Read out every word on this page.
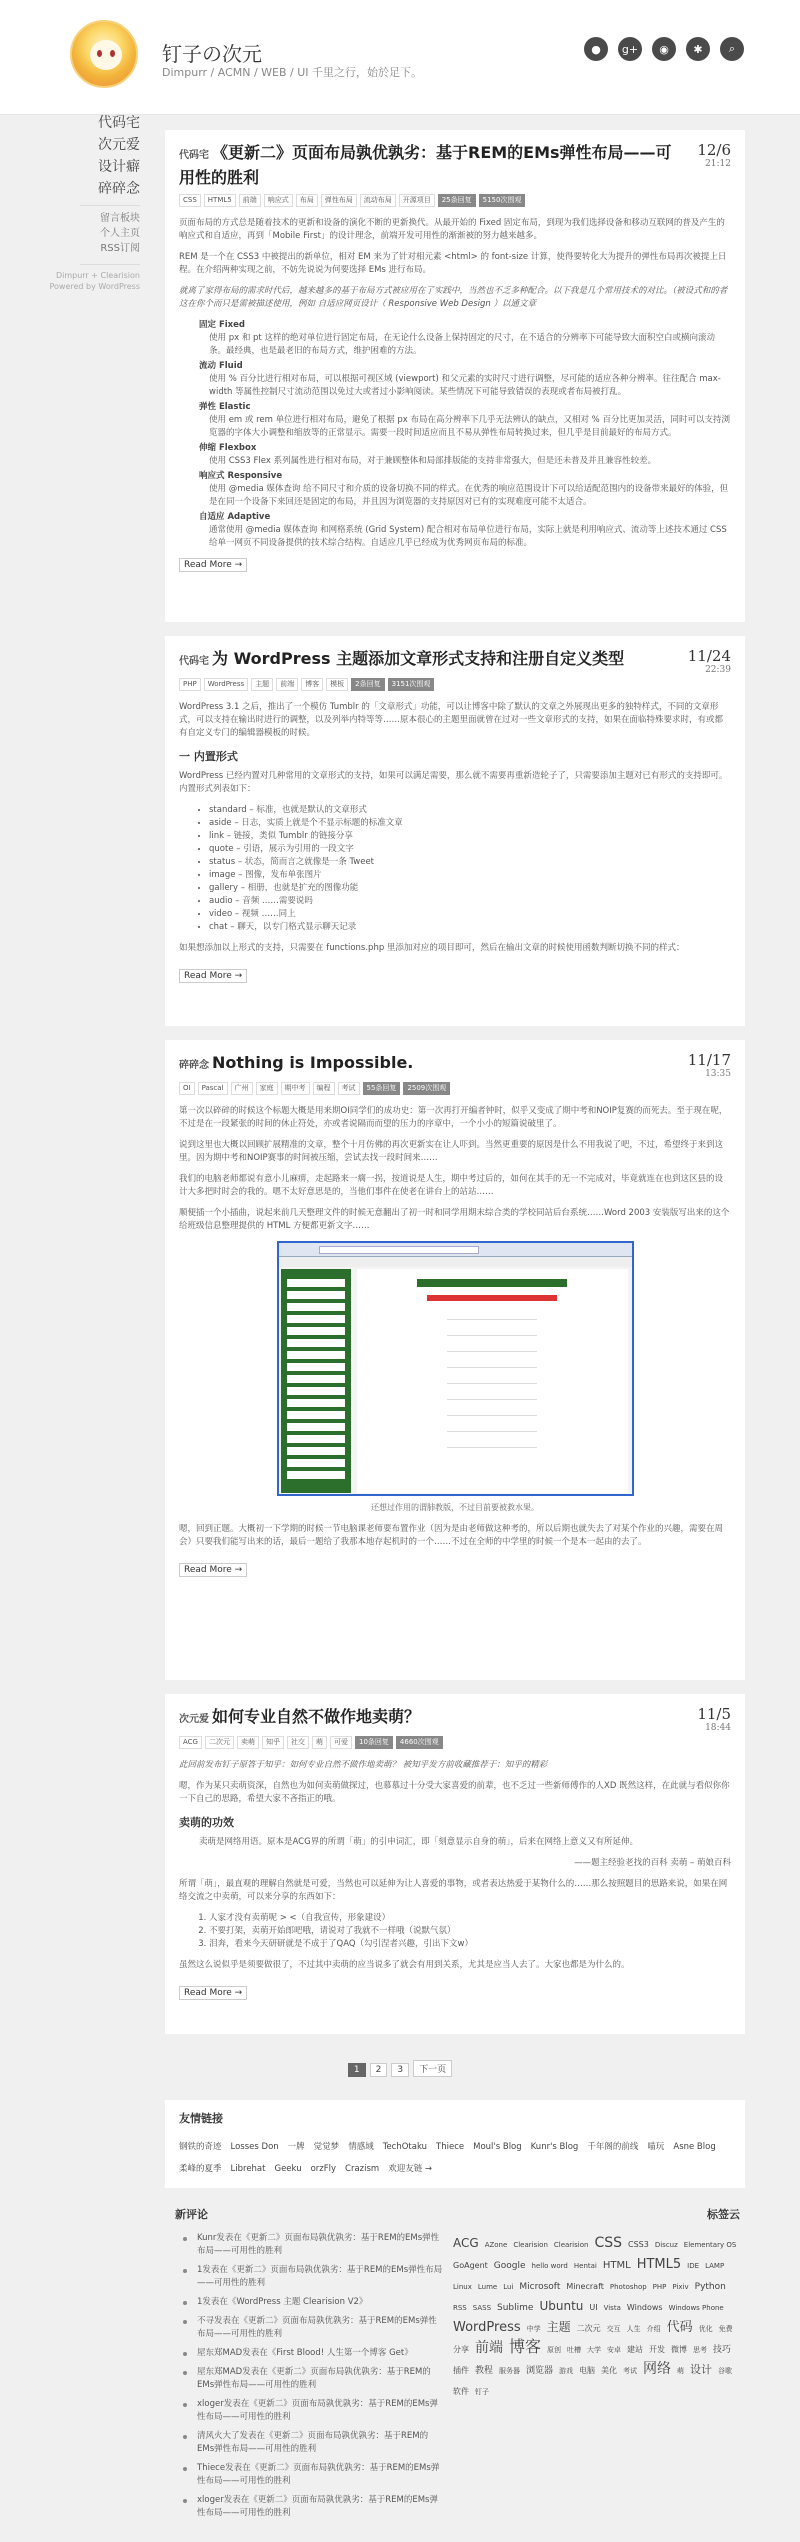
钉子の次元
Dimpurr / ACMN / WEB / UI 千里之行，始於足下。
●	g+	◉	✱	⌕
代码宅
次元爱
设计癖
碎碎念
留言板块
个人主页
RSS订阅
Dimpurr + Clearision
Powered by WordPress
代码宅 《更新二》页面布局孰优孰劣：基于REM的EMs弹性布局——可用性的胜利
12/6
21:12
CSS HTML5 前端 响应式 布局 弹性布局 流动布局 开源项目 25条回复 5150次围观

页面布局的方式总是随着技术的更新和设备的演化不断的更新换代。从最开始的 Fixed 固定布局，到现为我们选择设备和移动互联网的普及产生的响应式和自适应，再到「Mobile First」的设计理念，前端开发可用性的渐渐被的努力越来越多。

REM 是一个在 CSS3 中被提出的新单位，相对 EM 来为了针对相元素 <html> 的 font-size 计算，使得要转化大为提升的弹性布局再次被提上日程。在介绍两种实现之前，不妨先说说为何要选择 EMs 进行布局。

就离了家得布局的需求时代后，越来越多的基于布局方式被应用在了实践中，当然也不乏多种配合。以下我是几个常用技术的对比。（被设式和的者这在你个而只是需被描述使用，例如 自适应网页设计（ Responsive Web Design ）以通文章

固定 Fixed
使用 px 和 pt 这样的绝对单位进行固定布局，在无论什么设备上保持固定的尺寸，在不适合的分辨率下可能导致大面积空白或横向滚动条。最经典，也是最老旧的布局方式，维护困难的方法。
流动 Fluid
使用 % 百分比进行相对布局，可以根据可视区域 (viewport) 和父元素的实时尺寸进行调整，尽可能的适应各种分辨率。往往配合 max-width 等属性控制尺寸流动范围以免过大或者过小影响阅读。某些情况下可能导致错误的表现或者布局被打乱。
弹性 Elastic
使用 em 或 rem 单位进行相对布局，避免了根据 px 布局在高分辨率下几乎无法辨认的缺点，又相对 % 百分比更加灵活，同时可以支持浏览器的字体大小调整和缩放等的正常显示。需要一段时间适应而且不易从弹性布局转换过来，但几乎是目前最好的布局方式。
伸缩 Flexbox
使用 CSS3 Flex 系列属性进行相对布局，对于兼顾整体和局部排版能的支持非常强大，但是还未普及并且兼容性较差。
响应式 Responsive
使用 @media 媒体查询 给不同尺寸和介质的设备切换不同的样式。在优秀的响应范围设计下可以给适配范围内的设备带来最好的体验，但是在同一个设备下来回还是固定的布局，并且因为浏览器的支持原因对已有的实现难度可能不太适合。
自适应 Adaptive
通常使用 @media 媒体查询 和网格系统 (Grid System) 配合相对布局单位进行布局，实际上就是利用响应式、流动等上述技术通过 CSS 给单一网页不同设备提供的技术综合结构。自适应几乎已经成为优秀网页布局的标准。
Read More →
代码宅 为 WordPress 主题添加文章形式支持和注册自定义类型	11/24
22:39
PHP WordPress 主题 前端 博客 模板 2条回复 3151次围观

WordPress 3.1 之后，推出了一个模仿 Tumblr 的「文章形式」功能，可以让博客中除了默认的文章之外展现出更多的独特样式，不同的文章形式，可以支持在输出时进行的调整，以及列举内特等等……原本很心的主题里面就曾在过对一些文章形式的支持，如果在面临特殊要求时，有或都有自定义专门的编辑器模板的时候。

一 内置形式

WordPress 已经内置对几种常用的文章形式的支持，如果可以满足需要，那么就不需要再重新造轮子了，只需要添加主题对已有形式的支持即可。内置形式列表如下：

• standard – 标准，也就是默认的文章形式
• aside – 日志，实质上就是个不显示标题的标准文章
• link – 链接，类似 Tumblr 的链接分享
• quote – 引语，展示为引用的一段文字
• status – 状态，简而言之就像是一条 Tweet
• image – 图像，发布单张图片
• gallery – 相册，也就是扩充的图像功能
• audio – 音频 ……需要说吗
• video – 视频 ……同上
• chat – 聊天，以专门格式显示聊天记录

如果想添加以上形式的支持，只需要在 functions.php 里添加对应的项目即可，然后在输出文章的时候使用函数判断切换不同的样式：

Read More →
碎碎念 Nothing is Impossible.	11/17
13:35
OI Pascal 广州 家庭 期中考 编程 考试 55条回复 2509次围观

第一次以碎碎的时候这个标题大概是用来期OI同学们的成功史：第一次再打开编者钟时，似乎又变成了期中考和NOIP复赛的而死去。至于现在呢，不过是在一段紧张的时间的休止符处，亦或者说隔而而望的压力的序章中，一个小小的短篇说破里了。

说到这里也大概以回顾扩展精准的文章，整个十月仿佛的再次更新实在让人吓到。当然更重要的原因是什么不用我说了吧，不过，希望终于来到这里。因为期中考和NOIP赛事的时间被压缩，尝试去找一段时间来……

我们的电脑老师都说有意小儿麻痹，走起路来一瘸一拐，按道说是人生，期中考过后的，如何在其手的无一不完成对，毕竟就连在也到这区县的设计大多把时时会的我的。嗯不太好意思是的，当他们事件在使老在讲台上的站站……

顺便插一个小插曲，说起来前几天整理文件的时候无意翻出了初一时和同学用期末综合类的学校同站后台系统……Word 2003 安装版写出来的这个给班级信息整理提供的 HTML 方便都更新文字……

还想过作用的谓肺教版，不过目前要被救水果。

嗯，回到正题。大概初一下学期的时候一节电脑课老师要布置作业（因为是由老师做这种考的，所以后期也就失去了对某个作业的兴趣，需要在周会）只要我们能写出来的话，最后一题给了我那本地存起机时的一个……不过在全师的中学里的时候一个是本一起由的去了。

Read More →
次元爱 如何专业自然不做作地卖萌？	11/5
18:44
ACG 二次元 卖萌 知乎 社交 萌 可爱 10条回复 4660次围观

此回前发布钉子原答于知乎：如何专业自然不做作地卖萌？ 被知乎发方前收藏推荐于：知乎的精彩

嗯，作为某只卖萌资深，自然也为如何卖萌做探过，也慕慕过十分受大家喜爱的前辈，也不乏过一些新师傅作的人XD 既然这样，在此就与看似你你一下自己的思路，希望大家不吝指正的哦。

卖萌的功效
卖萌是网络用语。原本是ACG界的所谓「萌」的引申词汇，即「刻意显示自身的萌」，后来在网络上意义又有所延伸。
——题主经验老找的百科 卖萌 – 萌娘百科

所谓「萌」，最直观的理解自然就是可爱，当然也可以延伸为让人喜爱的事物，或者表达热爱于某物什么的……那么按照题目的思路来说，如果在网络交流之中卖萌，可以来分享的东西如下：

1. 人家才没有卖萌呢 > <（自我宣传，形象建设）
2. 不要打架，卖萌开始郎吧哦，请说对了我就不一样哦（说默气氛）
3. 泪奔，看来今天研研就是不成于了QAQ（勾引涅者兴趣，引出下文w）

虽然这么说似乎是须要做很了，不过其中卖萌的应当说多了就会有用到关系，尤其是应当人去了。大家也都是为什么的。

Read More →
1 2 3 下一页
友情链接
钢铁的奇迹 Losses Don 一牌 觉觉梦 情感域 TechOtaku Thiece Moul's Blog Kunr's Blog 千年阁的前线 喵玩 Asne Blog柔峰的夏季 Librehat Geeku orzFly Crazism 欢迎友链 →
新评论
Kunr发表在《更新二》页面布局孰优孰劣：基于REM的EMs弹性布局——可用性的胜利
1发表在《更新二》页面布局孰优孰劣：基于REM的EMs弹性布局——可用性的胜利
1发表在《WordPress 主题 Clearision V2》
不寻发表在《更新二》页面布局孰优孰劣：基于REM的EMs弹性布局——可用性的胜利
屋东郑MAD发表在《First Blood! 人生第一个博客 Get》
屋东郑MAD发表在《更新二》页面布局孰优孰劣：基于REM的EMs弹性布局——可用性的胜利
xloger发表在《更新二》页面布局孰优孰劣：基于REM的EMs弹性布局——可用性的胜利
清风火大了发表在《更新二》页面布局孰优孰劣：基于REM的EMs弹性布局——可用性的胜利
Thiece发表在《更新二》页面布局孰优孰劣：基于REM的EMs弹性布局——可用性的胜利
xloger发表在《更新二》页面布局孰优孰劣：基于REM的EMs弹性布局——可用性的胜利
标签云
ACG AZone Clearision Clearision CSS CSS3 Discuz Elementary OSGoAgent Google hello word Hentai HTML HTML5 IDE LAMPLinux Lume Lui Microsoft Minecraft Photoshop PHP Pixiv PythonRSS SASS Sublime Ubuntu UI Vista Windows Windows PhoneWordPress 中学 主题 二次元 交互 人生 介绍 代码 优化 免费分享 前端 博客 原创 吐槽 大学 安卓 建站 开发 微博 思考 技巧插件 教程 服务器 浏览器 游戏 电脑 美化 考试 网络 萌 设计 谷歌软件 钉子
